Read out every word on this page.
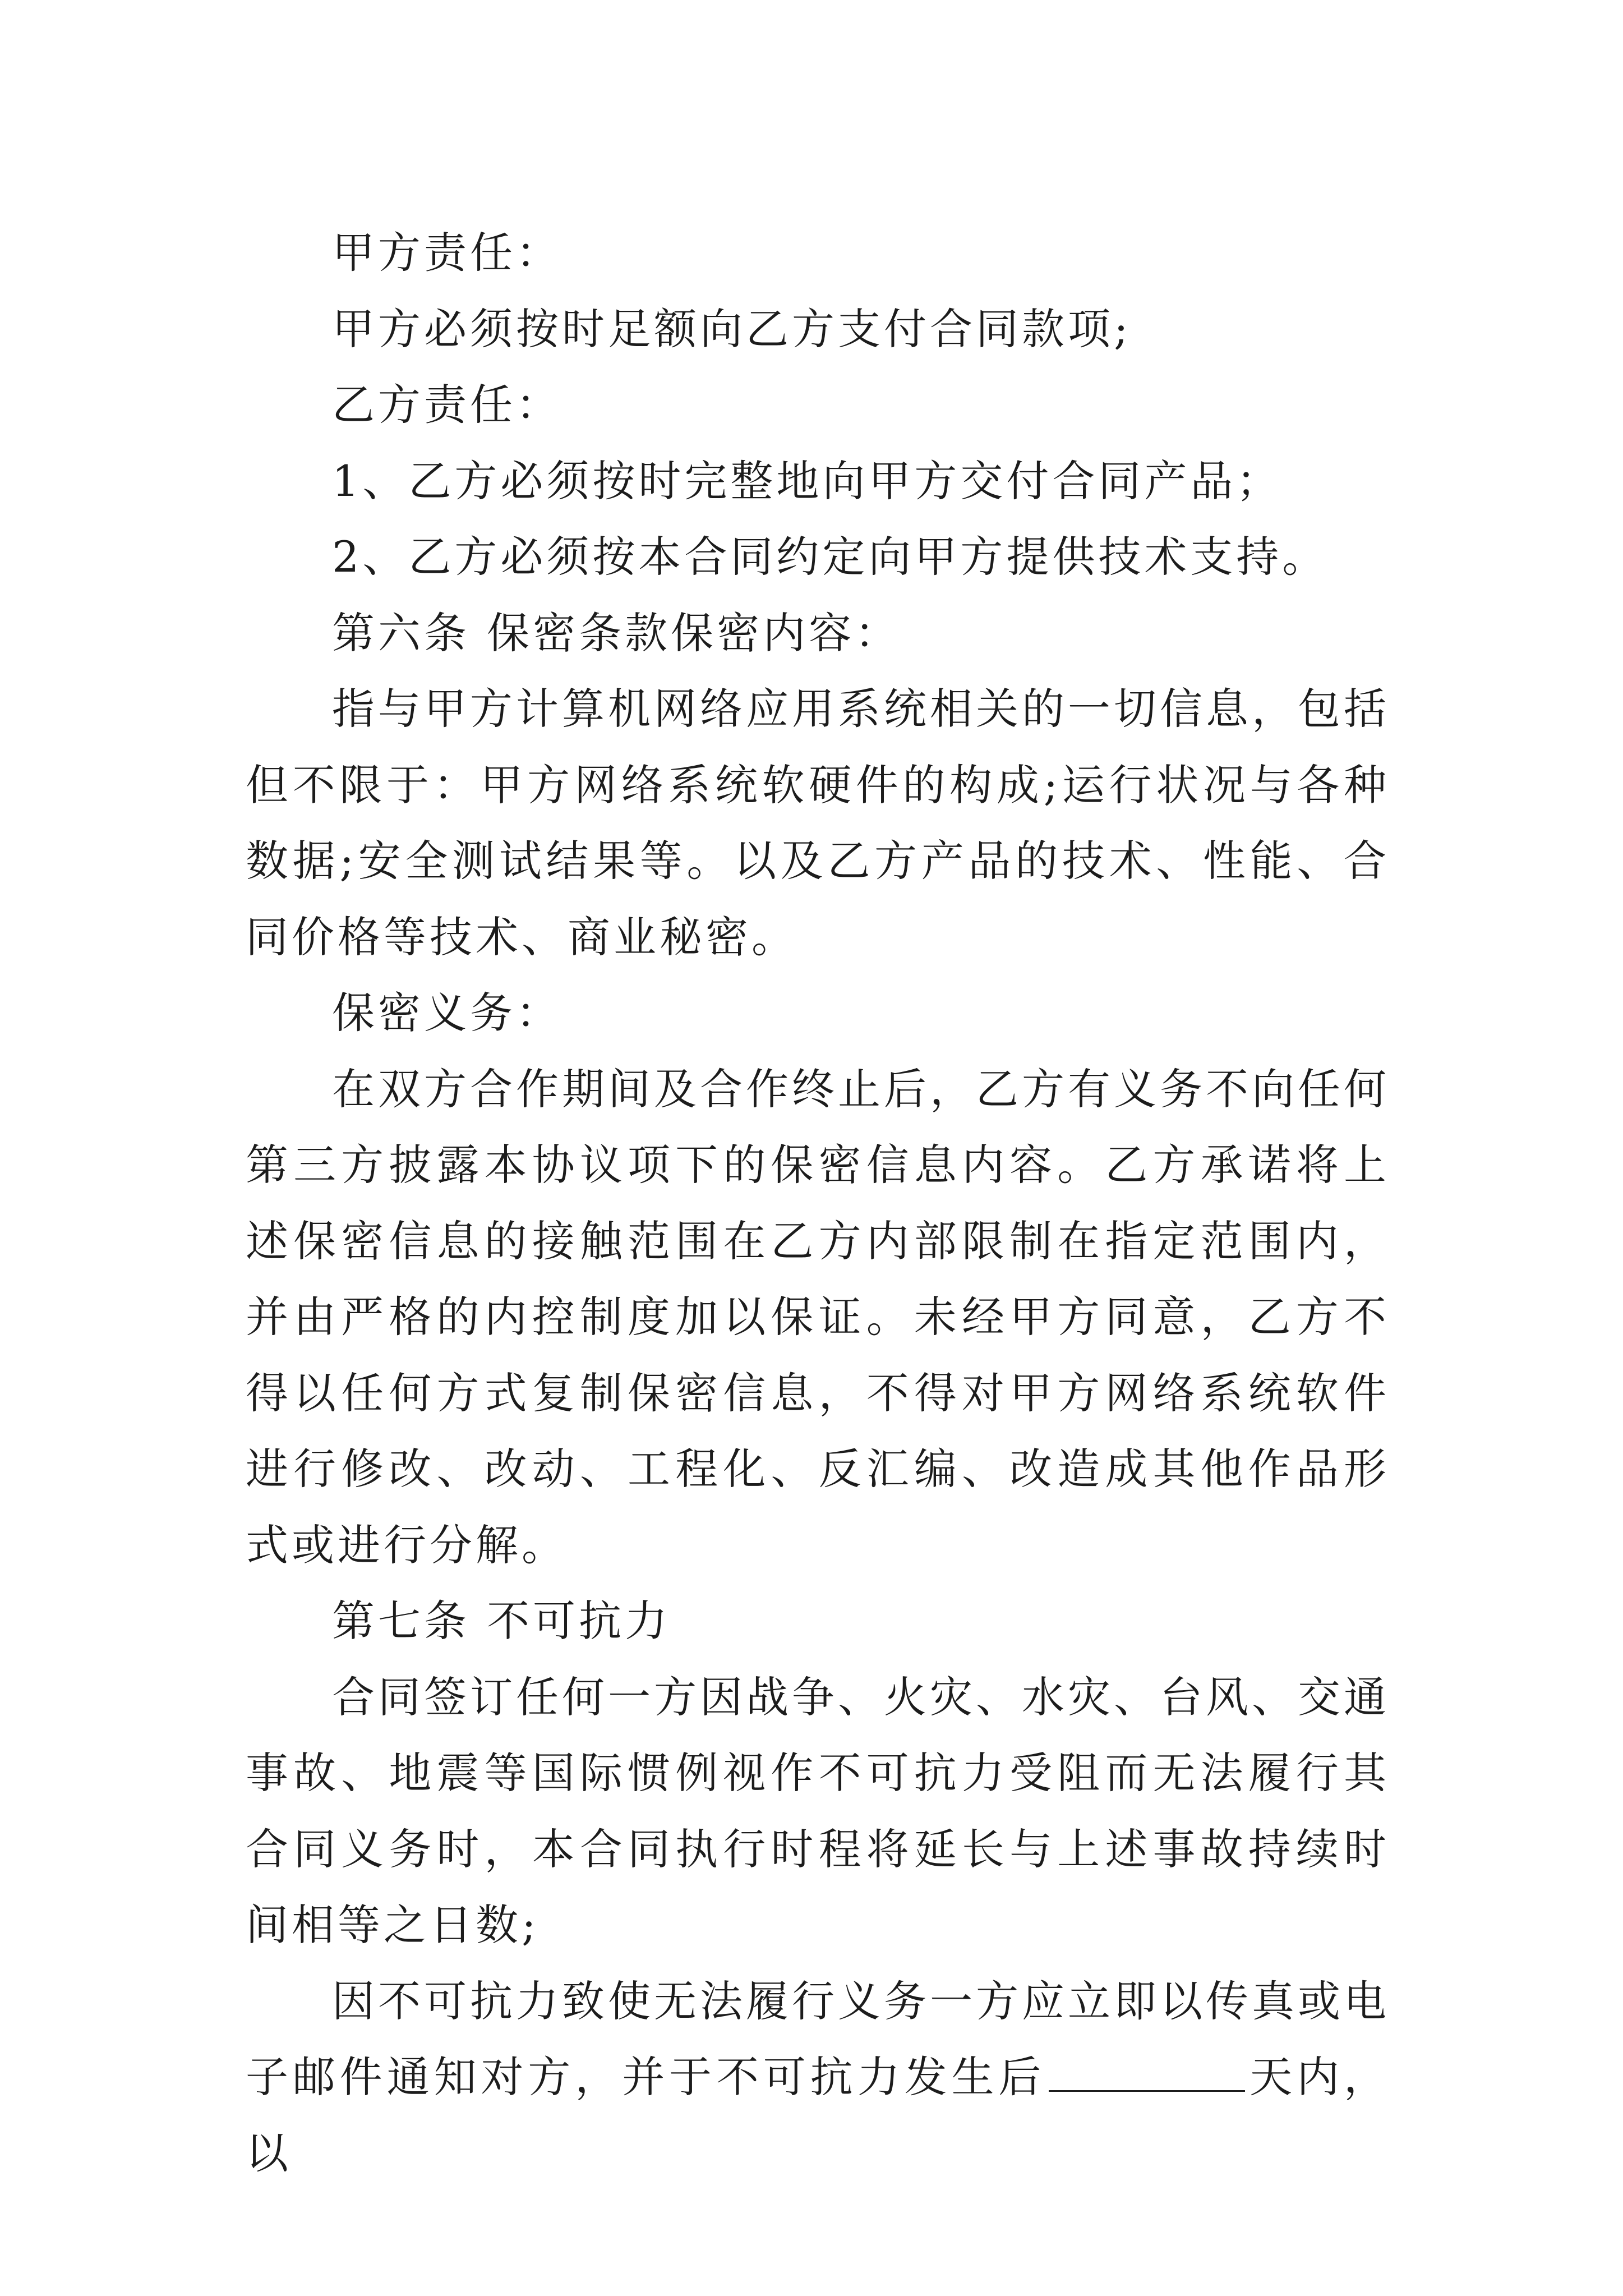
甲方责任：

甲方必须按时足额向乙方支付合同款项;

乙方责任：

1、乙方必须按时完整地向甲方交付合同产品；

2、乙方必须按本合同约定向甲方提供技术支持。

第六条 保密条款保密内容：

指与甲方计算机网络应用系统相关的一切信息，包括但不限于：甲方网络系统软硬件的构成;运行状况与各种数据;安全测试结果等。以及乙方产品的技术、性能、合同价格等技术、商业秘密。

保密义务：

在双方合作期间及合作终止后，乙方有义务不向任何第三方披露本协议项下的保密信息内容。乙方承诺将上述保密信息的接触范围在乙方内部限制在指定范围内，并由严格的内控制度加以保证。未经甲方同意，乙方不得以任何方式复制保密信息，不得对甲方网络系统软件进行修改、改动、工程化、反汇编、改造成其他作品形式或进行分解。

第七条 不可抗力

合同签订任何一方因战争、火灾、水灾、台风、交通事故、地震等国际惯例视作不可抗力受阻而无法履行其合同义务时，本合同执行时程将延长与上述事故持续时间相等之日数;

因不可抗力致使无法履行义务一方应立即以传真或电子邮件通知对方，并于不可抗力发生后	天内，以
